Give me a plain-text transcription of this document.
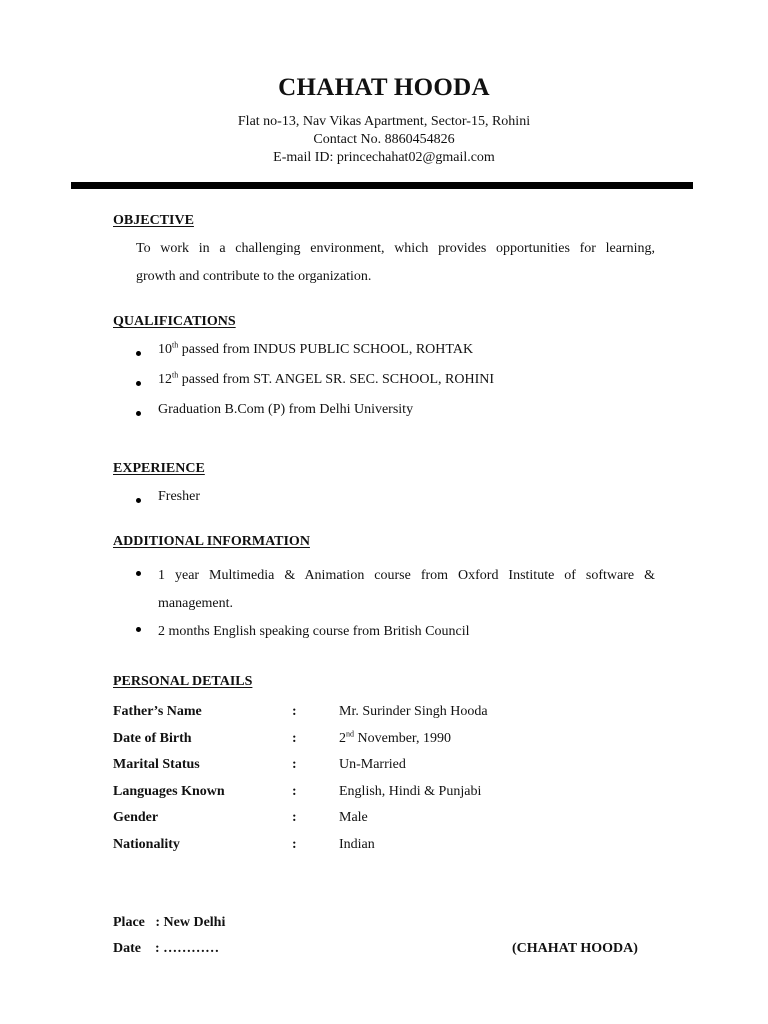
CHAHAT HOODA
Flat no-13, Nav Vikas Apartment, Sector-15, Rohini
Contact No. 8860454826
E-mail ID: princechahat02@gmail.com
OBJECTIVE
To work in a challenging environment, which provides opportunities for learning,
growth and contribute to the organization.
QUALIFICATIONS
10th passed from INDUS PUBLIC SCHOOL, ROHTAK
12th passed from ST. ANGEL SR. SEC. SCHOOL, ROHINI
Graduation B.Com (P) from Delhi University
EXPERIENCE
Fresher
ADDITIONAL INFORMATION
1 year Multimedia & Animation course from Oxford Institute of software &
management.
2 months English speaking course from British Council
PERSONAL DETAILS
Father’s Name	:	Mr. Surinder Singh Hooda
Date of Birth	:	2nd November, 1990
Marital Status	:	Un-Married
Languages Known	:	English, Hindi & Punjabi
Gender	:	Male
Nationality	:	Indian
Place   : New Delhi
Date    : …………	(CHAHAT HOODA)
